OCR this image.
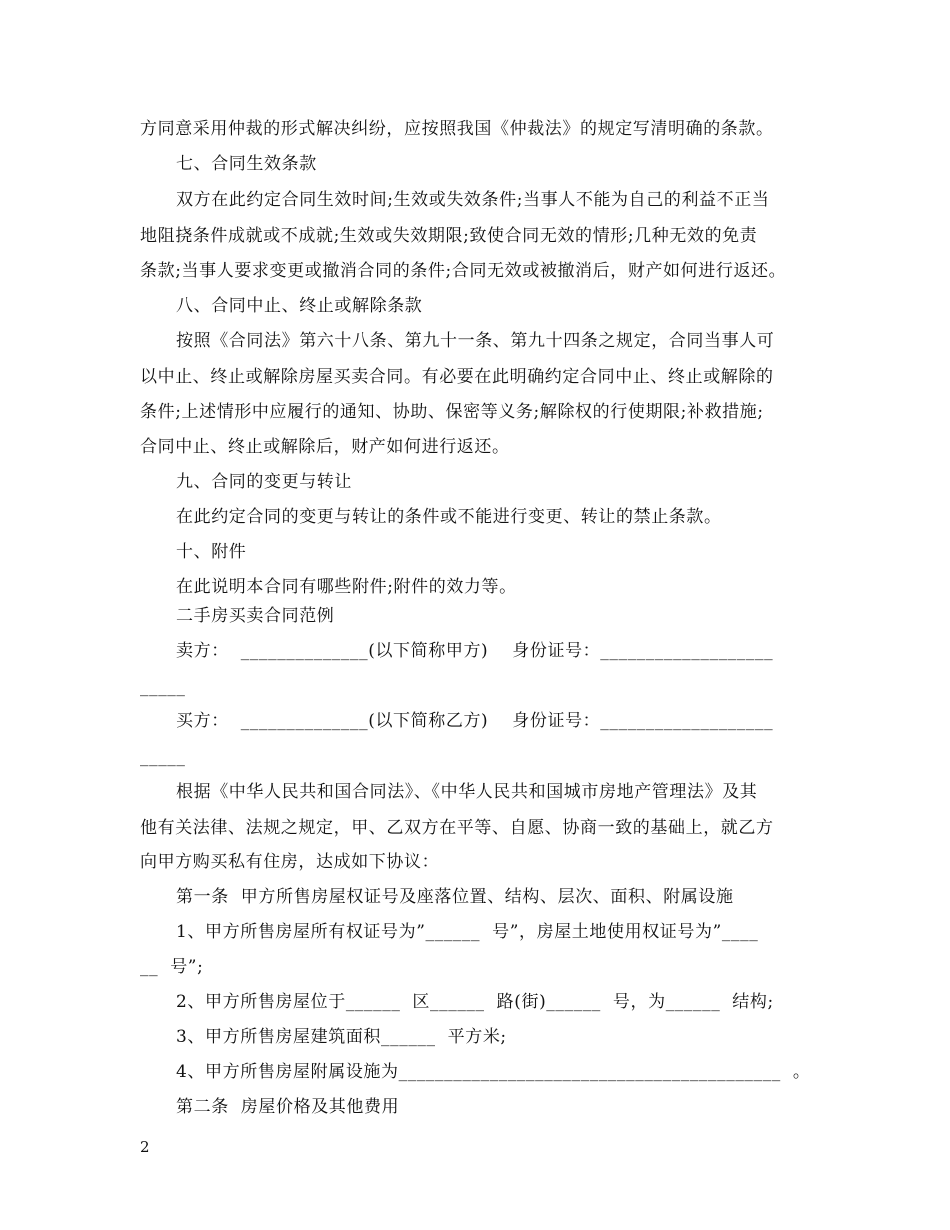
方同意采用仲裁的形式解决纠纷，应按照我国《仲裁法》的规定写清明确的条款。
七、合同生效条款
双方在此约定合同生效时间;生效或失效条件;当事人不能为自己的利益不正当
地阻挠条件成就或不成就;生效或失效期限;致使合同无效的情形;几种无效的免责
条款;当事人要求变更或撤消合同的条件;合同无效或被撤消后，财产如何进行返还。
八、合同中止、终止或解除条款
按照《合同法》第六十八条、第九十一条、第九十四条之规定，合同当事人可
以中止、终止或解除房屋买卖合同。有必要在此明确约定合同中止、终止或解除的
条件;上述情形中应履行的通知、协助、保密等义务;解除权的行使期限;补救措施;
合同中止、终止或解除后，财产如何进行返还。
九、合同的变更与转让
在此约定合同的变更与转让的条件或不能进行变更、转让的禁止条款。
十、附件
在此说明本合同有哪些附件;附件的效力等。
二手房买卖合同范例
卖方：  ______________(以下简称甲方)    身份证号：___________________
_____
买方：  ______________(以下简称乙方)    身份证号：___________________
_____
根据《中华人民共和国合同法》、《中华人民共和国城市房地产管理法》及其
他有关法律、法规之规定，甲、乙双方在平等、自愿、协商一致的基础上，就乙方
向甲方购买私有住房，达成如下协议：
第一条  甲方所售房屋权证号及座落位置、结构、层次、面积、附属设施
1、甲方所售房屋所有权证号为”______  号”，房屋土地使用权证号为”____
__  号”;
2、甲方所售房屋位于______  区______  路(街)______  号，为______  结构;
3、甲方所售房屋建筑面积______  平方米;
4、甲方所售房屋附属设施为__________________________________________  。
第二条  房屋价格及其他费用
2
